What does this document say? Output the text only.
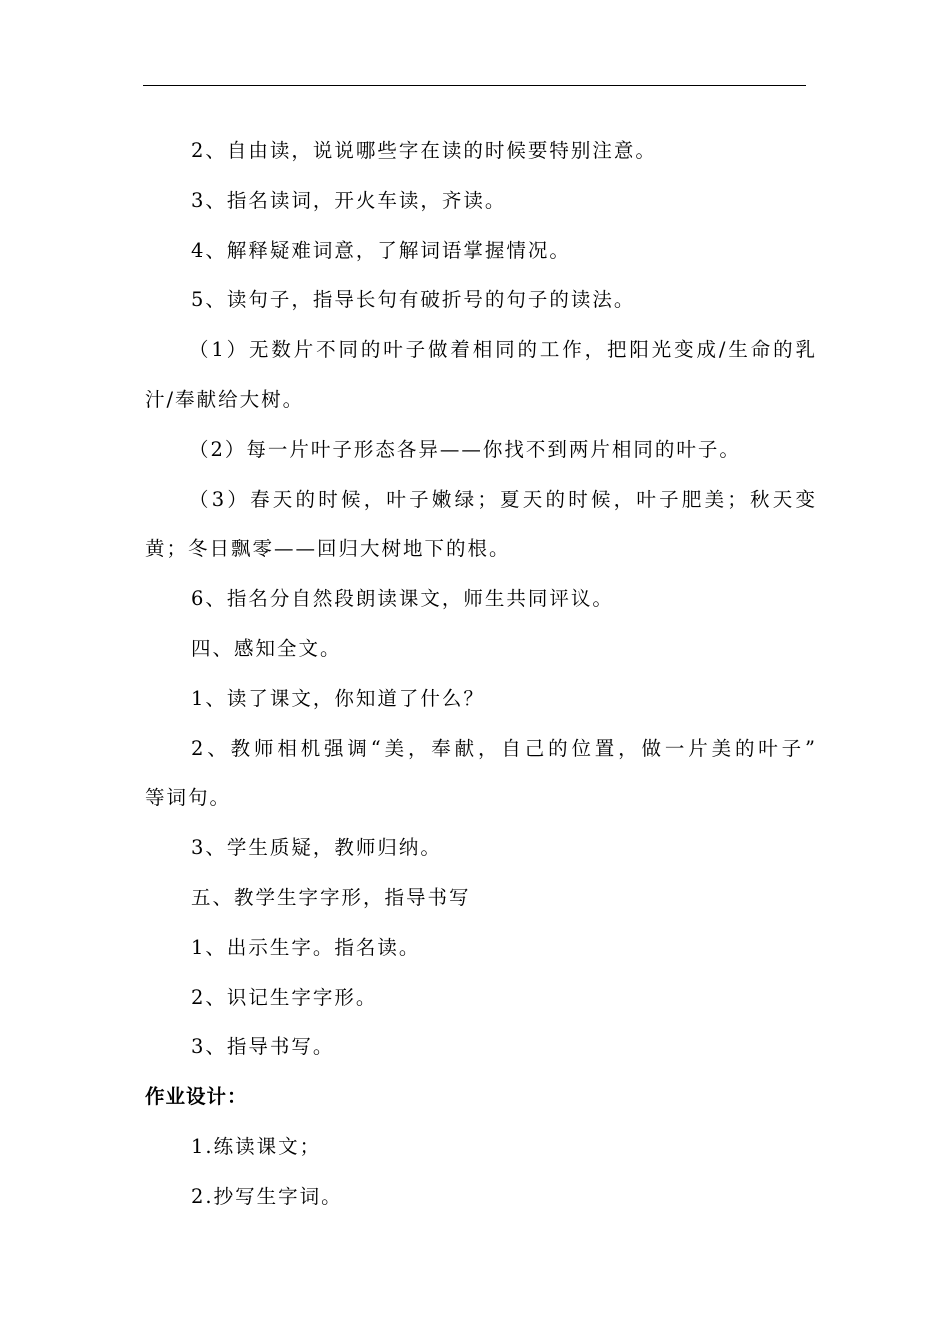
2、自由读，说说哪些字在读的时候要特别注意。
3、指名读词，开火车读，齐读。
4、解释疑难词意，了解词语掌握情况。
5、读句子，指导长句有破折号的句子的读法。
（1）无数片不同的叶子做着相同的工作，把阳光变成/生命的乳
汁/奉献给大树。
（2）每一片叶子形态各异——你找不到两片相同的叶子。
（3）春天的时候，叶子嫩绿；夏天的时候，叶子肥美；秋天变
黄；冬日飘零——回归大树地下的根。
6、指名分自然段朗读课文，师生共同评议。
四、感知全文。
1、读了课文，你知道了什么？
2、教师相机强调“美，奉献，自己的位置，做一片美的叶子”
等词句。
3、学生质疑，教师归纳。
五、教学生字字形，指导书写
1、出示生字。指名读。
2、识记生字字形。
3、指导书写。
作业设计：
1.练读课文；
2.抄写生字词。
